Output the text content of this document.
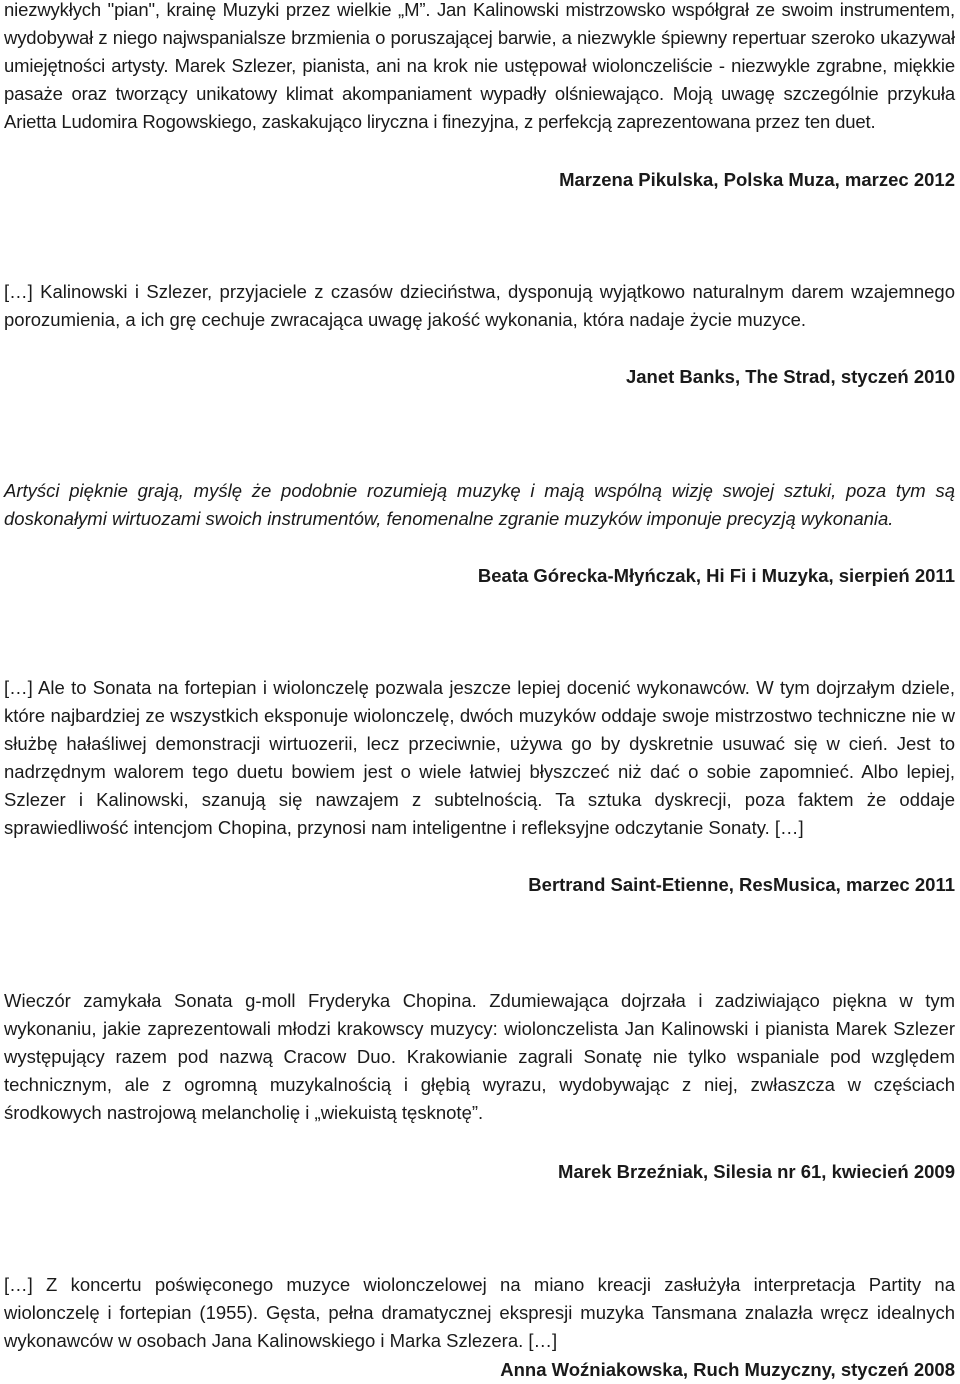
niezwykłych "pian", krainę Muzyki przez wielkie „M”. Jan Kalinowski mistrzowsko współgrał ze swoim instrumentem, wydobywał z niego najwspanialsze brzmienia o poruszającej barwie, a niezwykle śpiewny repertuar szeroko ukazywał umiejętności artysty. Marek Szlezer, pianista, ani na krok nie ustępował wiolonczeliście - niezwykle zgrabne, miękkie pasaże oraz tworzący unikatowy klimat akompaniament wypadły olśniewająco. Moją uwagę szczególnie przykuła Arietta Ludomira Rogowskiego, zaskakująco liryczna i finezyjna, z perfekcją zaprezentowana przez ten duet.

Marzena Pikulska, Polska Muza, marzec 2012

[…] Kalinowski i Szlezer, przyjaciele z czasów dzieciństwa, dysponują wyjątkowo naturalnym darem wzajemnego porozumienia, a ich grę cechuje zwracająca uwagę jakość wykonania, która nadaje życie muzyce.

Janet Banks, The Strad, styczeń 2010

Artyści pięknie grają, myślę że podobnie rozumieją muzykę i mają wspólną wizję swojej sztuki, poza tym są doskonałymi wirtuozami swoich instrumentów, fenomenalne zgranie muzyków imponuje precyzją wykonania.

Beata Górecka-Młyńczak, Hi Fi i Muzyka, sierpień 2011

[…] Ale to Sonata na fortepian i wiolonczelę pozwala jeszcze lepiej docenić wykonawców. W tym dojrzałym dziele, które najbardziej ze wszystkich eksponuje wiolonczelę, dwóch muzyków oddaje swoje mistrzostwo techniczne nie w służbę hałaśliwej demonstracji wirtuozerii, lecz przeciwnie, używa go by dyskretnie usuwać się w cień. Jest to nadrzędnym walorem tego duetu bowiem jest o wiele łatwiej błyszczeć niż dać o sobie zapomnieć. Albo lepiej, Szlezer i Kalinowski, szanują się nawzajem z subtelnością. Ta sztuka dyskrecji, poza faktem że oddaje sprawiedliwość intencjom Chopina, przynosi nam inteligentne i refleksyjne odczytanie Sonaty. […]

Bertrand Saint-Etienne, ResMusica, marzec 2011

Wieczór zamykała Sonata g-moll Fryderyka Chopina. Zdumiewająca dojrzała i zadziwiająco piękna w tym wykonaniu, jakie zaprezentowali młodzi krakowscy muzycy: wiolonczelista Jan Kalinowski i pianista Marek Szlezer występujący razem pod nazwą Cracow Duo. Krakowianie zagrali Sonatę nie tylko wspaniale pod względem technicznym, ale z ogromną muzykalnością i głębią wyrazu, wydobywając z niej, zwłaszcza w częściach środkowych nastrojową melancholię i „wiekuistą tęsknotę”.

Marek Brzeźniak, Silesia nr 61, kwiecień 2009

[…] Z koncertu poświęconego muzyce wiolonczelowej na miano kreacji zasłużyła interpretacja Partity na wiolonczelę i fortepian (1955). Gęsta, pełna dramatycznej ekspresji muzyka Tansmana znalazła wręcz idealnych wykonawców w osobach Jana Kalinowskiego i Marka Szlezera. […]

Anna Woźniakowska, Ruch Muzyczny, styczeń 2008
